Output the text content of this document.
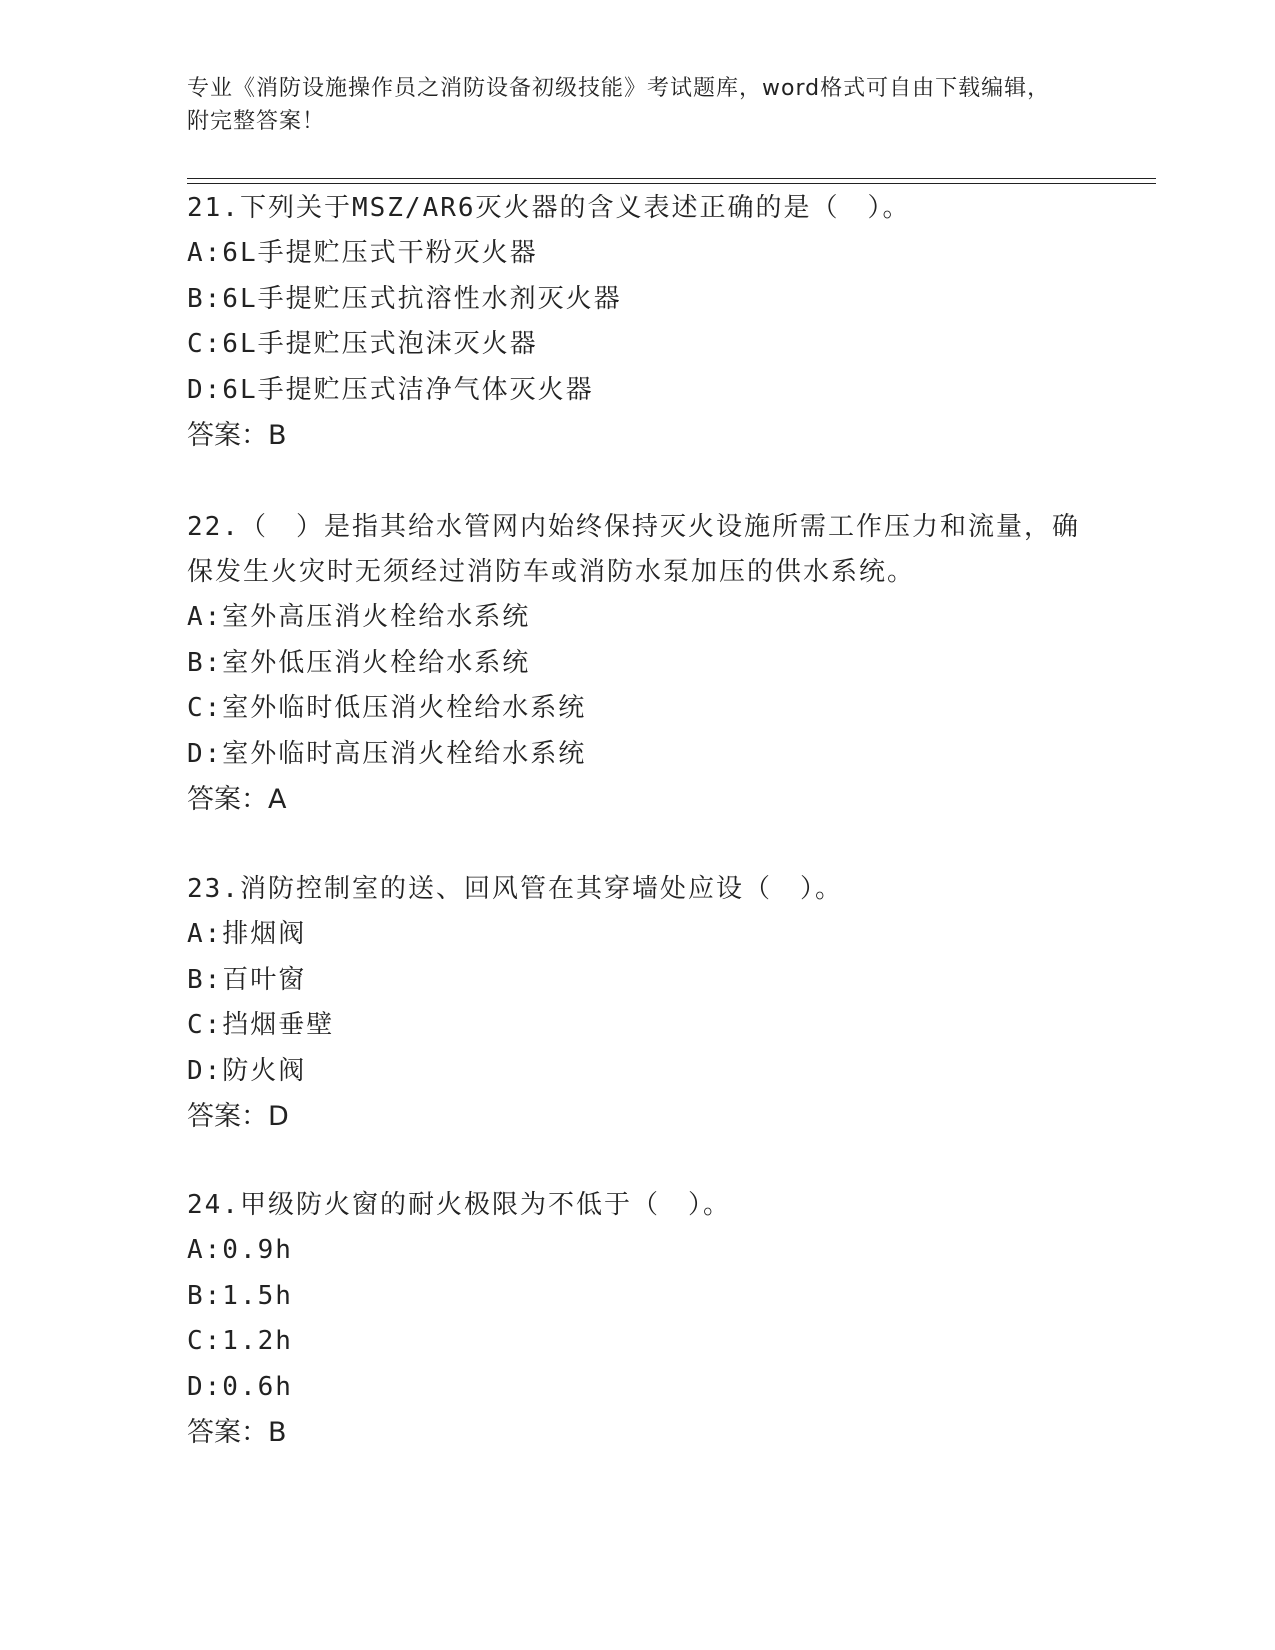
专业《消防设施操作员之消防设备初级技能》考试题库，word格式可自由下载编辑，附完整答案！

21.下列关于MSZ/AR6灭火器的含义表述正确的是（　）。

A:6L手提贮压式干粉灭火器

B:6L手提贮压式抗溶性水剂灭火器

C:6L手提贮压式泡沫灭火器

D:6L手提贮压式洁净气体灭火器

答案：B

22.（　）是指其给水管网内始终保持灭火设施所需工作压力和流量，确保发生火灾时无须经过消防车或消防水泵加压的供水系统。

A:室外高压消火栓给水系统

B:室外低压消火栓给水系统

C:室外临时低压消火栓给水系统

D:室外临时高压消火栓给水系统

答案：A

23.消防控制室的送、回风管在其穿墙处应设（　）。

A:排烟阀

B:百叶窗

C:挡烟垂壁

D:防火阀

答案：D

24.甲级防火窗的耐火极限为不低于（　）。

A:0.9h

B:1.5h

C:1.2h

D:0.6h

答案：B
